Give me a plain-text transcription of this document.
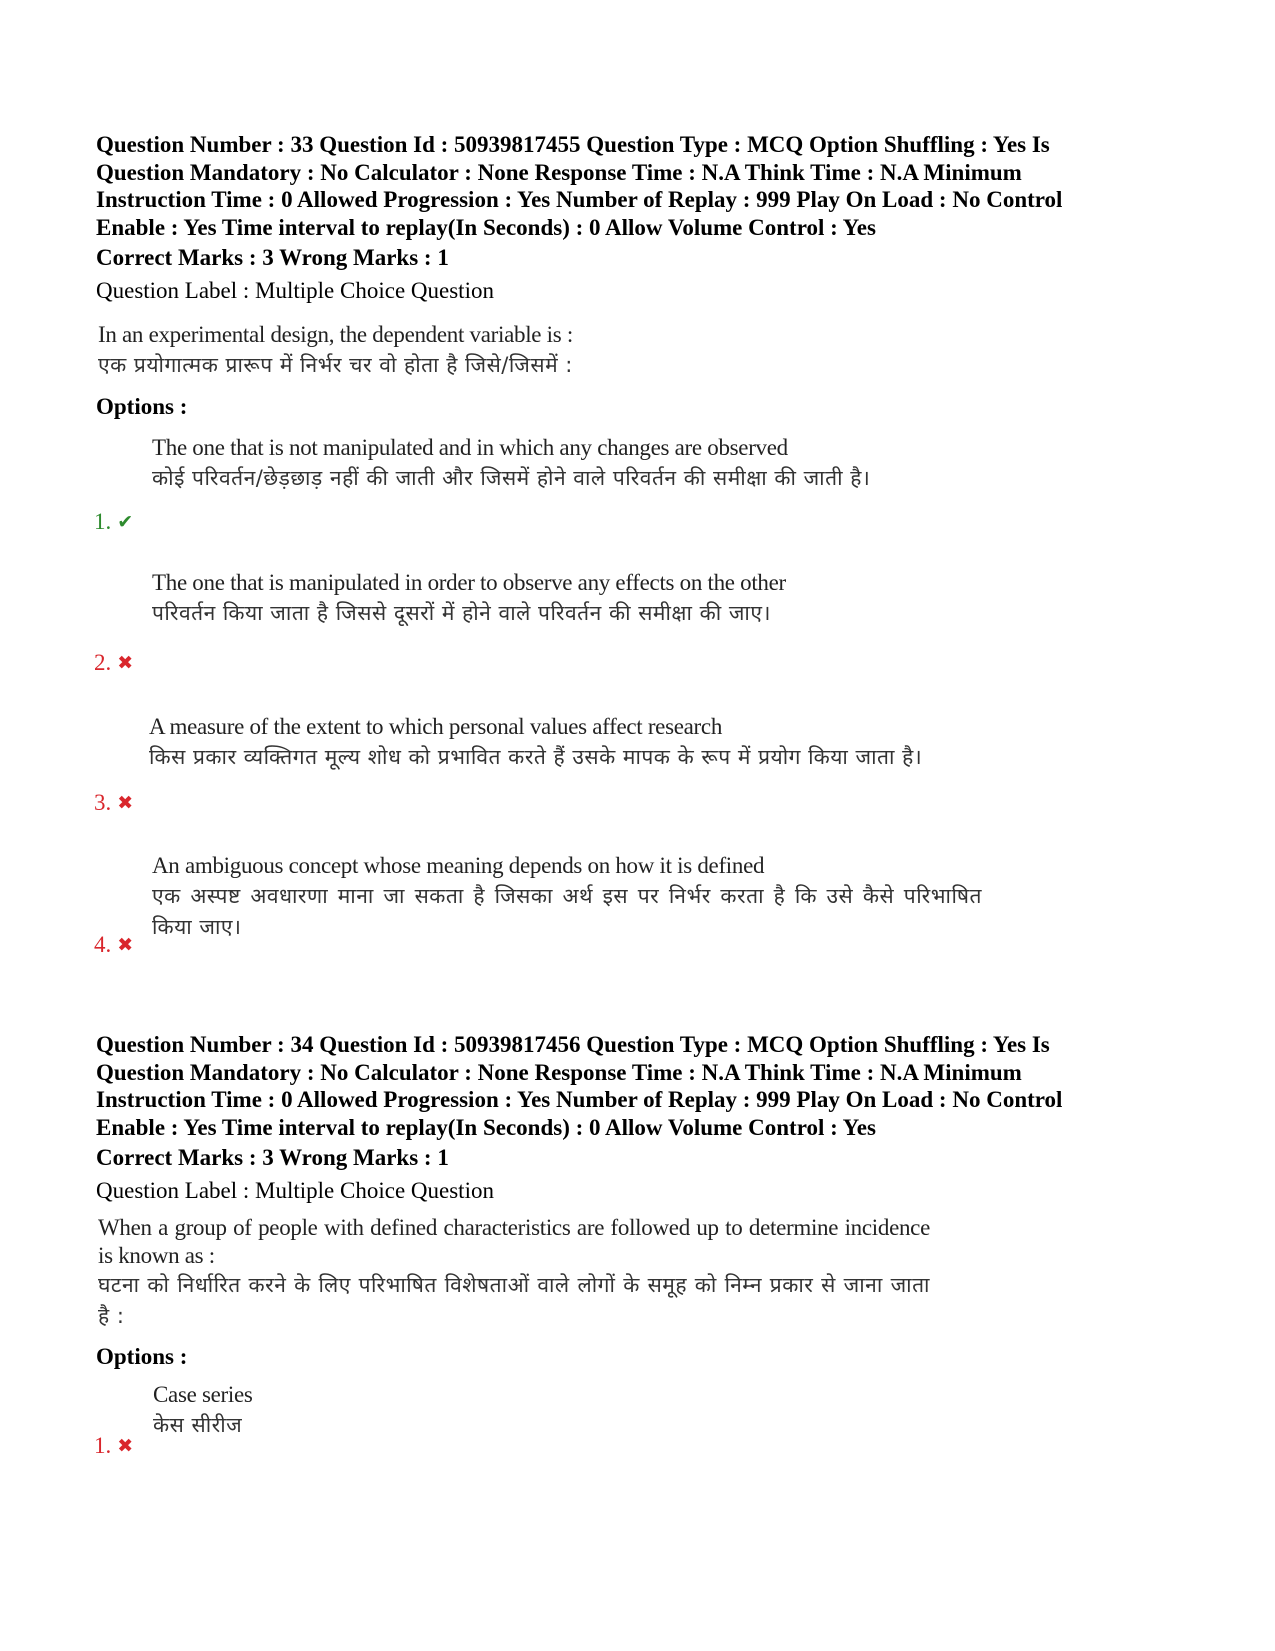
Question Number : 33 Question Id : 50939817455 Question Type : MCQ Option Shuffling : Yes Is
Question Mandatory : No Calculator : None Response Time : N.A Think Time : N.A Minimum
Instruction Time : 0 Allowed Progression : Yes Number of Replay : 999 Play On Load : No Control
Enable : Yes Time interval to replay(In Seconds) : 0 Allow Volume Control : Yes
Correct Marks : 3 Wrong Marks : 1
Question Label : Multiple Choice Question
In an experimental design, the dependent variable is :
एक प्रयोगात्मक प्रारूप में निर्भर चर वो होता है जिसे/जिसमें :
Options :
The one that is not manipulated and in which any changes are observed
कोई परिवर्तन/छेड़छाड़ नहीं की जाती और जिसमें होने वाले परिवर्तन की समीक्षा की जाती है।
1. ✔
The one that is manipulated in order to observe any effects on the other
परिवर्तन किया जाता है जिससे दूसरों में होने वाले परिवर्तन की समीक्षा की जाए।
2. ✖
A measure of the extent to which personal values affect research
किस प्रकार व्यक्तिगत मूल्य शोध को प्रभावित करते हैं उसके मापक के रूप में प्रयोग किया जाता है।
3. ✖
An ambiguous concept whose meaning depends on how it is defined
एक अस्पष्ट अवधारणा माना जा सकता है जिसका अर्थ इस पर निर्भर करता है कि उसे कैसे परिभाषित किया जाए।
4. ✖
Question Number : 34 Question Id : 50939817456 Question Type : MCQ Option Shuffling : Yes Is
Question Mandatory : No Calculator : None Response Time : N.A Think Time : N.A Minimum
Instruction Time : 0 Allowed Progression : Yes Number of Replay : 999 Play On Load : No Control
Enable : Yes Time interval to replay(In Seconds) : 0 Allow Volume Control : Yes
Correct Marks : 3 Wrong Marks : 1
Question Label : Multiple Choice Question
When a group of people with defined characteristics are followed up to determine incidence is known as :
घटना को निर्धारित करने के लिए परिभाषित विशेषताओं वाले लोगों के समूह को निम्न प्रकार से जाना जाता है :
Options :
Case series
केस सीरीज
1. ✖
